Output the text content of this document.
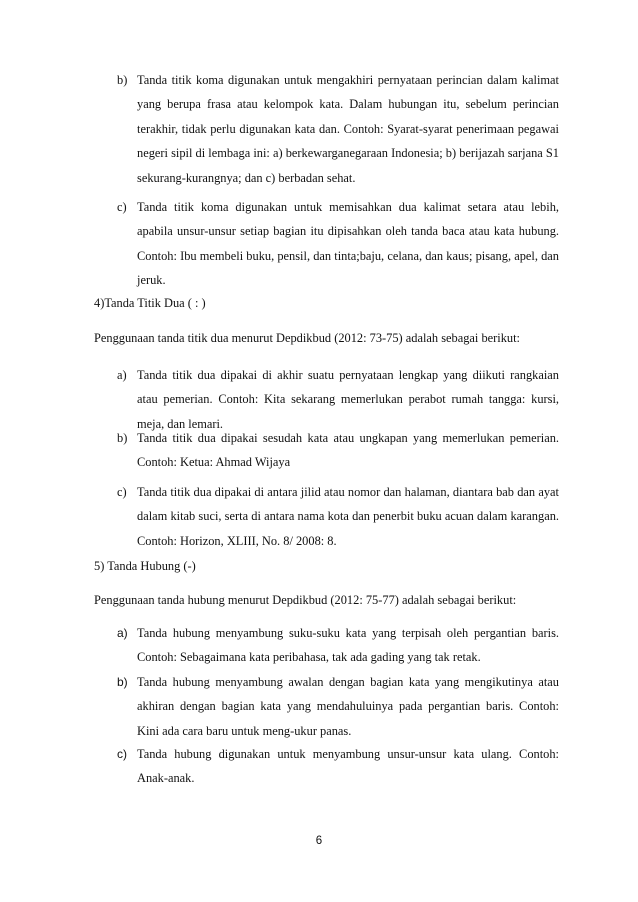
b) Tanda titik koma digunakan untuk mengakhiri pernyataan perincian dalam kalimat yang berupa frasa atau kelompok kata. Dalam hubungan itu, sebelum perincian terakhir, tidak perlu digunakan kata dan. Contoh: Syarat-syarat penerimaan pegawai negeri sipil di lembaga ini: a) berkewarganegaraan Indonesia; b) berijazah sarjana S1 sekurang-kurangnya; dan c) berbadan sehat.
c) Tanda titik koma digunakan untuk memisahkan dua kalimat setara atau lebih, apabila unsur-unsur setiap bagian itu dipisahkan oleh tanda baca atau kata hubung. Contoh: Ibu membeli buku, pensil, dan tinta;baju, celana, dan kaus; pisang, apel, dan jeruk.
4)Tanda Titik Dua ( : )
Penggunaan tanda titik dua menurut Depdikbud (2012: 73-75) adalah sebagai berikut:
a) Tanda titik dua dipakai di akhir suatu pernyataan lengkap yang diikuti rangkaian atau pemerian. Contoh: Kita sekarang memerlukan perabot rumah tangga: kursi, meja, dan lemari.
b) Tanda titik dua dipakai sesudah kata atau ungkapan yang memerlukan pemerian. Contoh: Ketua: Ahmad Wijaya
c) Tanda titik dua dipakai di antara jilid atau nomor dan halaman, diantara bab dan ayat dalam kitab suci, serta di antara nama kota dan penerbit buku acuan dalam karangan. Contoh: Horizon, XLIII, No. 8/ 2008: 8.
5) Tanda Hubung (-)
Penggunaan tanda hubung menurut Depdikbud (2012: 75-77) adalah sebagai berikut:
a) Tanda hubung menyambung suku-suku kata yang terpisah oleh pergantian baris. Contoh: Sebagaimana kata peribahasa, tak ada gading yang tak retak.
b) Tanda hubung menyambung awalan dengan bagian kata yang mengikutinya atau akhiran dengan bagian kata yang mendahuluinya pada pergantian baris. Contoh: Kini ada cara baru untuk meng-ukur panas.
c) Tanda hubung digunakan untuk menyambung unsur-unsur kata ulang. Contoh: Anak-anak.
6
